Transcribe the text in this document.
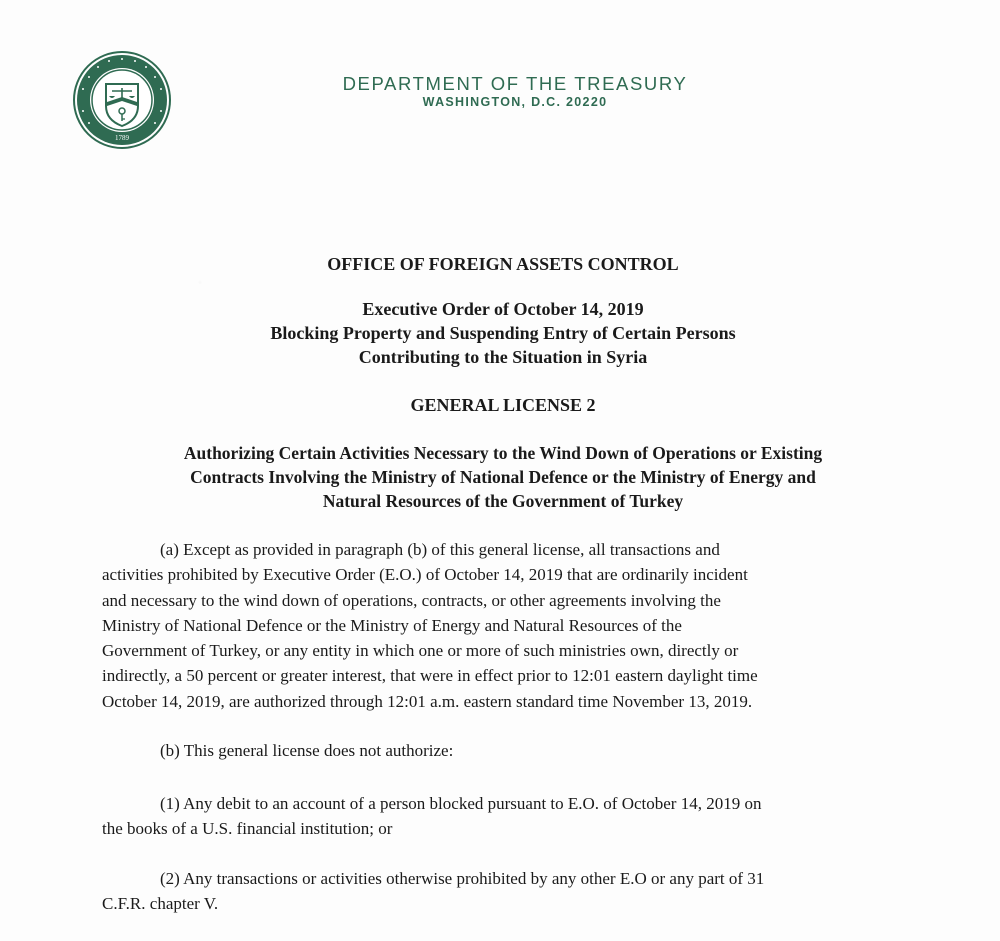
1789
DEPARTMENT OF THE TREASURY
WASHINGTON, D.C. 20220
OFFICE OF FOREIGN ASSETS CONTROL
Executive Order of October 14, 2019
Blocking Property and Suspending Entry of Certain Persons
Contributing to the Situation in Syria
GENERAL LICENSE 2
Authorizing Certain Activities Necessary to the Wind Down of Operations or Existing
Contracts Involving the Ministry of National Defence or the Ministry of Energy and
Natural Resources of the Government of Turkey
(a) Except as provided in paragraph (b) of this general license, all transactions and
activities prohibited by Executive Order (E.O.) of October 14, 2019 that are ordinarily incident
and necessary to the wind down of operations, contracts, or other agreements involving the
Ministry of National Defence or the Ministry of Energy and Natural Resources of the
Government of Turkey, or any entity in which one or more of such ministries own, directly or
indirectly, a 50 percent or greater interest, that were in effect prior to 12:01 eastern daylight time
October 14, 2019, are authorized through 12:01 a.m. eastern standard time November 13, 2019.
(b) This general license does not authorize:
(1) Any debit to an account of a person blocked pursuant to E.O. of October 14, 2019 on
the books of a U.S. financial institution; or
(2) Any transactions or activities otherwise prohibited by any other E.O or any part of 31
C.F.R. chapter V.
